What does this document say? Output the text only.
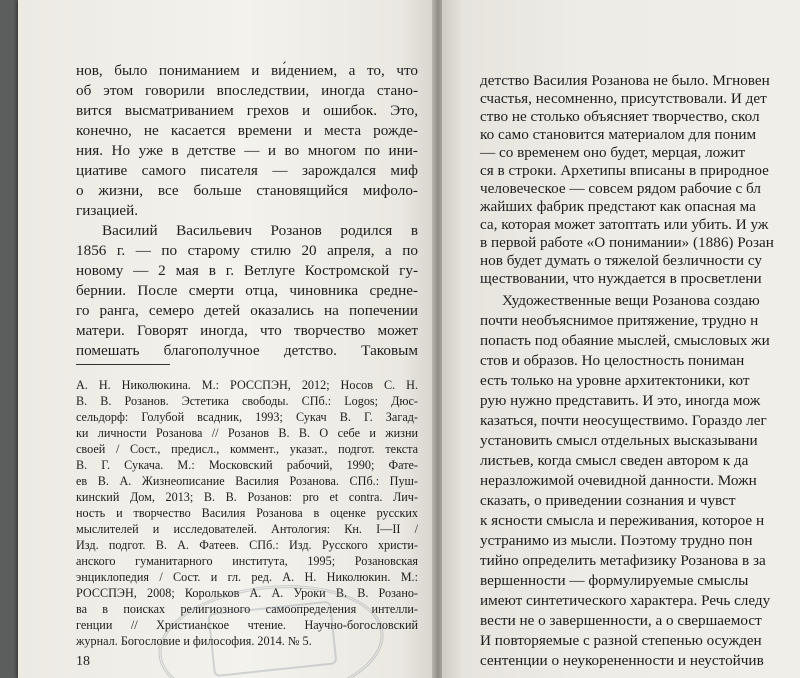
нов, было пониманием и ви́дением, а то, что
об этом говорили впоследствии, иногда стано-
вится высматриванием грехов и ошибок. Это,
конечно, не касается времени и места рожде-
ния. Но уже в детстве — и во многом по ини-
циативе самого писателя — зарождался миф
о жизни, все больше становящийся мифоло-
гизацией.
Василий Васильевич Розанов родился в
1856 г. — по старому стилю 20 апреля, а по
новому — 2 мая в г. Ветлуге Костромской гу-
бернии. После смерти отца, чиновника средне-
го ранга, семеро детей оказались на попечении
матери. Говорят иногда, что творчество может
помешать благополучное детство. Таковым
А. Н. Николюкина. М.: РОССПЭН, 2012; Носов С. Н.
В. В. Розанов. Эстетика свободы. СПб.: Logos; Дюс-
сельдорф: Голубой всадник, 1993; Сукач В. Г. Загад-
ки личности Розанова // Розанов В. В. О себе и жизни
своей / Сост., предисл., коммент., указат., подгот. текста
В. Г. Сукача. М.: Московский рабочий, 1990; Фате-
ев В. А. Жизнеописание Василия Розанова. СПб.: Пуш-
кинский Дом, 2013; В. В. Розанов: pro et contra. Лич-
ность и творчество Василия Розанова в оценке русских
мыслителей и исследователей. Антология: Кн. I—II /
Изд. подгот. В. А. Фатеев. СПб.: Изд. Русского христи-
анского гуманитарного института, 1995; Розановская
энциклопедия / Сост. и гл. ред. А. Н. Николюкин. М.:
РОССПЭН, 2008; Корольков А. А. Уроки В. В. Розано-
ва в поисках религиозного самоопределения интелли-
генции // Христианское чтение. Научно-богословский
журнал. Богословие и философия. 2014. № 5.
18
детство Василия Розанова не было. Мгновен
счастья, несомненно, присутствовали. И дет
ство не столько объясняет творчество, скол
ко само становится материалом для поним
— со временем оно будет, мерцая, ложит
ся в строки. Архетипы вписаны в природное
человеческое — совсем рядом рабочие с бл
жайших фабрик предстают как опасная ма
са, которая может затоптать или убить. И уж
в первой работе «О понимании» (1886) Розан
нов будет думать о тяжелой безличности су
ществовании, что нуждается в просветлени
Художественные вещи Розанова создаю
почти необъяснимое притяжение, трудно н
попасть под обаяние мыслей, смысловых жи
стов и образов. Но целостность пониман
есть только на уровне архитектоники, кот
рую нужно представить. И это, иногда мож
казаться, почти неосуществимо. Гораздо лег
установить смысл отдельных высказывани
листьев, когда смысл сведен автором к да
неразложимой очевидной данности. Можн
сказать, о приведении сознания и чувст
к ясности смысла и переживания, которое н
устранимо из мысли. Поэтому трудно пон
тийно определить метафизику Розанова в за
вершенности — формулируемые смыслы
имеют синтетического характера. Речь следу
вести не о завершенности, а о свершаемост
И повторяемые с разной степенью осужден
сентенции о неукорененности и неустойчив
